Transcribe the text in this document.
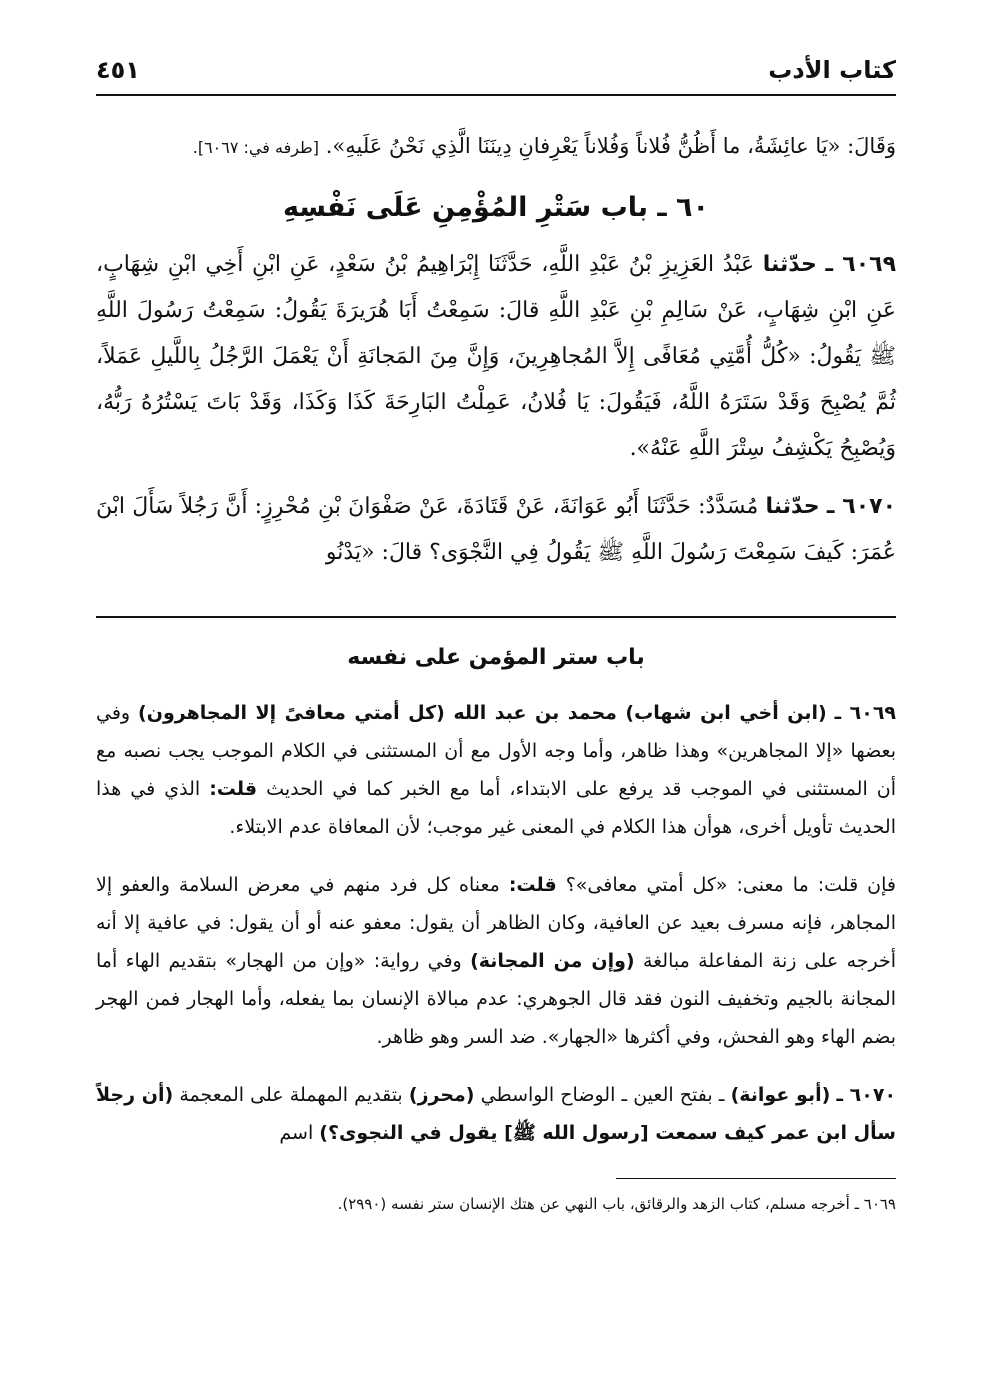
كتاب الأدب
٤٥١

وَقَالَ: «يَا عائِشَةُ، ما أَظُنُّ فُلاناً وَفُلاناً يَعْرِفانِ دِينَنَا الَّذِي نَحْنُ عَلَيهِ». [طرفه في: ٦٠٦٧].

٦٠ ـ باب سَتْرِ المُؤْمِنِ عَلَى نَفْسِهِ

٦٠٦٩ ـ حدّثنا عَبْدُ العَزِيزِ بْنُ عَبْدِ اللَّهِ، حَدَّثَنَا إِبْرَاهِيمُ بْنُ سَعْدٍ، عَنِ ابْنِ أَخِي ابْنِ شِهَابٍ، عَنِ ابْنِ شِهَابٍ، عَنْ سَالِمِ بْنِ عَبْدِ اللَّهِ قالَ: سَمِعْتُ أَبَا هُرَيرَةَ يَقُولُ: سَمِعْتُ رَسُولَ اللَّهِ ﷺ يَقُولُ: «كُلُّ أُمَّتِي مُعَافًى إِلاَّ المُجاهِرِينَ، وَإِنَّ مِنَ المَجانَةِ أَنْ يَعْمَلَ الرَّجُلُ بِاللَّيلِ عَمَلاً، ثُمَّ يُصْبِحَ وَقَدْ سَتَرَهُ اللَّهُ، فَيَقُولَ: يَا فُلانُ، عَمِلْتُ البَارِحَةَ كَذَا وَكَذَا، وَقَدْ بَاتَ يَسْتُرُهُ رَبُّهُ، وَيُصْبِحُ يَكْشِفُ سِتْرَ اللَّهِ عَنْهُ».

٦٠٧٠ ـ حدّثنا مُسَدَّدٌ: حَدَّثَنَا أَبُو عَوَانَةَ، عَنْ قَتَادَةَ، عَنْ صَفْوَانَ بْنِ مُحْرِزٍ: أَنَّ رَجُلاً سَأَلَ ابْنَ عُمَرَ: كَيفَ سَمِعْتَ رَسُولَ اللَّهِ ﷺ يَقُولُ فِي النَّجْوَى؟ قالَ: «يَدْنُو

باب ستر المؤمن على نفسه

٦٠٦٩ ـ (ابن أخي ابن شهاب) محمد بن عبد الله (كل أمتي معافىً إلا المجاهرون) وفي بعضها «إلا المجاهرين» وهذا ظاهر، وأما وجه الأول مع أن المستثنى في الكلام الموجب يجب نصبه مع أن المستثنى في الموجب قد يرفع على الابتداء، أما مع الخبر كما في الحديث قلت: الذي في هذا الحديث تأويل أخرى، هوأن هذا الكلام في المعنى غير موجب؛ لأن المعافاة عدم الابتلاء.

فإن قلت: ما معنى: «كل أمتي معافى»؟ قلت: معناه كل فرد منهم في معرض السلامة والعفو إلا المجاهر، فإنه مسرف بعيد عن العافية، وكان الظاهر أن يقول: معفو عنه أو أن يقول: في عافية إلا أنه أخرجه على زنة المفاعلة مبالغة (وإن من المجانة) وفي رواية: «وإن من الهجار» بتقديم الهاء أما المجانة بالجيم وتخفيف النون فقد قال الجوهري: عدم مبالاة الإنسان بما يفعله، وأما الهجار فمن الهجر بضم الهاء وهو الفحش، وفي أكثرها «الجهار». ضد السر وهو ظاهر.

٦٠٧٠ ـ (أبو عوانة) ـ بفتح العين ـ الوضاح الواسطي (محرز) بتقديم المهملة على المعجمة (أن رجلاً سأل ابن عمر كيف سمعت [رسول الله ﷺ] يقول في النجوى؟) اسم

٦٠٦٩ ـ أخرجه مسلم، كتاب الزهد والرقائق، باب النهي عن هتك الإنسان ستر نفسه (٢٩٩٠).
